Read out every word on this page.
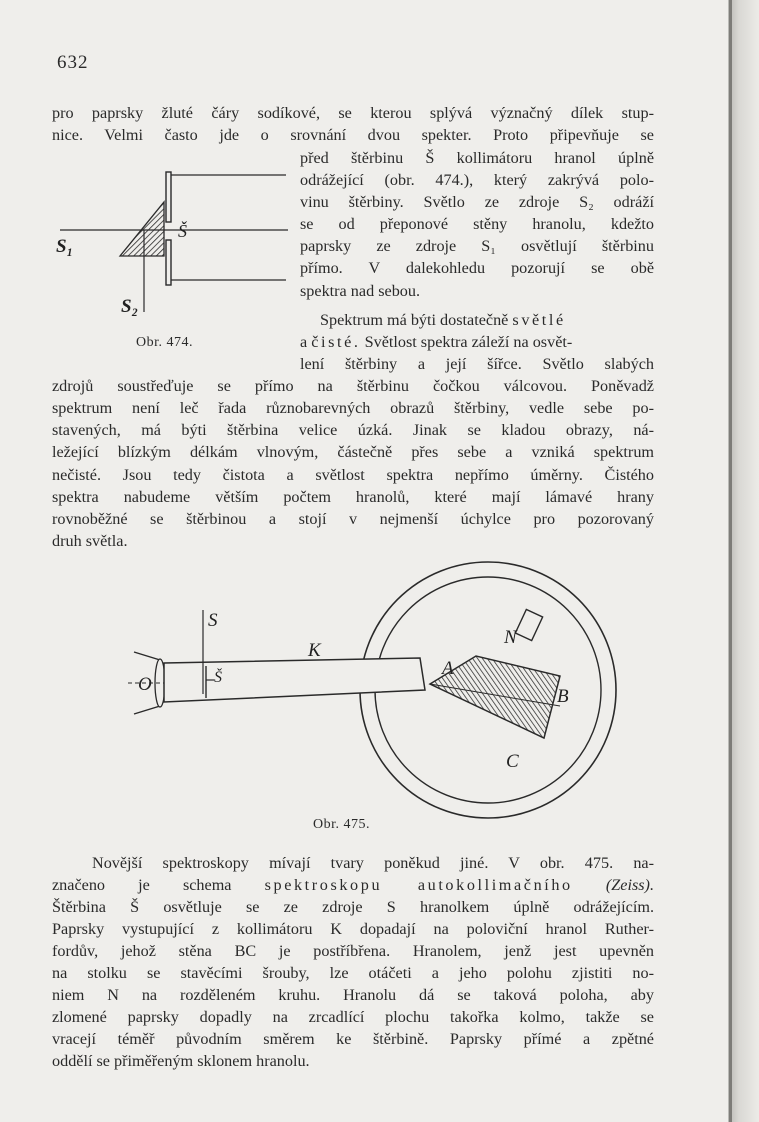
632
pro paprsky žluté čáry sodíkové, se kterou splývá význačný dílek stup-
nice. Velmi často jde o srovnání dvou spekter. Proto připevňuje se
před štěrbinu Š kollimátoru hranol úplně
odrážející (obr. 474.), který zakrývá polo-
vinu štěrbiny. Světlo ze zdroje S₂ odráží
se od přeponové stěny hranolu, kdežto
paprsky ze zdroje S₁ osvětlují štěrbinu
přímo. V dalekohledu pozorují se obě
spektra nad sebou.
S₁
Š
S₂
Obr. 474.
Spektrum má býti dostatečně světlé
a čisté. Světlost spektra záleží na osvět-
lení štěrbiny a její šířce. Světlo slabých
zdrojů soustřeďuje se přímo na štěrbinu čočkou válcovou. Poněvadž
spektrum není leč řada různobarevných obrazů štěrbiny, vedle sebe po-
stavených, má býti štěrbina velice úzká. Jinak se kladou obrazy, ná-
ležející blízkým délkám vlnovým, částečně přes sebe a vzniká spektrum
nečisté. Jsou tedy čistota a světlost spektra nepřímo úměrny. Čistého
spektra nabudeme větším počtem hranolů, které mají lámavé hrany
rovnoběžné se štěrbinou a stojí v nejmenší úchylce pro pozorovaný
druh světla.
S
Š
O
K
A
B
C
N
Obr. 475.
Novější spektroskopy mívají tvary poněkud jiné. V obr. 475. na-
značeno je schema spektroskopu autokollimačního (Zeiss).
Štěrbina Š osvětluje se ze zdroje S hranolkem úplně odrážejícím.
Paprsky vystupující z kollimátoru K dopadají na poloviční hranol Ruther-
fordův, jehož stěna BC je postříbřena. Hranolem, jenž jest upevněn
na stolku se stavěcími šrouby, lze otáčeti a jeho polohu zjistiti no-
niem N na rozděleném kruhu. Hranolu dá se taková poloha, aby
zlomené paprsky dopadly na zrcadlící plochu takořka kolmo, takže se
vracejí téměř původním směrem ke štěrbině. Paprsky přímé a zpětné
oddělí se přiměřeným sklonem hranolu.
